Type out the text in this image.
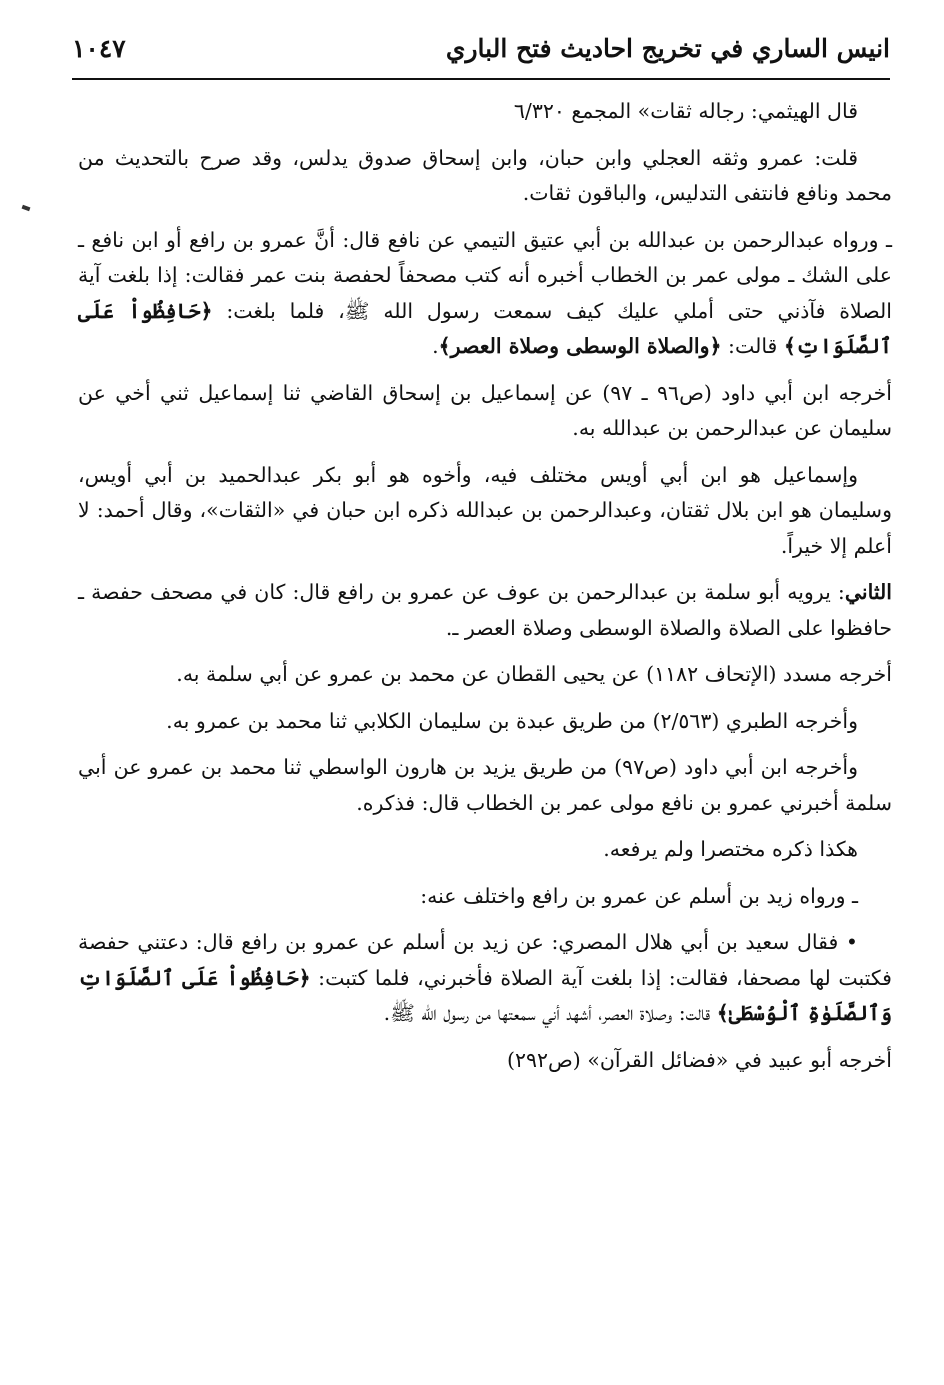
انيس الساري في تخريج احاديث فتح الباري
١٠٤٧

قال الهيثمي: رجاله ثقات» المجمع ٦/٣٢٠

قلت: عمرو وثقه العجلي وابن حبان، وابن إسحاق صدوق يدلس، وقد صرح بالتحديث من محمد ونافع فانتفى التدليس، والباقون ثقات.

ـ ورواه عبدالرحمن بن عبدالله بن أبي عتيق التيمي عن نافع قال: أنَّ عمرو بن رافع أو ابن نافع ـ على الشك ـ مولى عمر بن الخطاب أخبره أنه كتب مصحفاً لحفصة بنت عمر فقالت: إذا بلغت آية الصلاة فآذني حتى أملي عليك كيف سمعت رسول الله ﷺ، فلما بلغت: ﴿حَافِظُواْ عَلَى ٱلصَّلَوَاتِ﴾ قالت: ﴿والصلاة الوسطى وصلاة العصر﴾.

أخرجه ابن أبي داود (ص٩٦ ـ ٩٧) عن إسماعيل بن إسحاق القاضي ثنا إسماعيل ثني أخي عن سليمان عن عبدالرحمن بن عبدالله به.

وإسماعيل هو ابن أبي أويس مختلف فيه، وأخوه هو أبو بكر عبدالحميد بن أبي أويس، وسليمان هو ابن بلال ثقتان، وعبدالرحمن بن عبدالله ذكره ابن حبان في «الثقات»، وقال أحمد: لا أعلم إلا خيراً.

الثاني: يرويه أبو سلمة بن عبدالرحمن بن عوف عن عمرو بن رافع قال: كان في مصحف حفصة ـ حافظوا على الصلاة والصلاة الوسطى وصلاة العصر ـ.

أخرجه مسدد (الإتحاف ١١٨٢) عن يحيى القطان عن محمد بن عمرو عن أبي سلمة به.

وأخرجه الطبري (٢/٥٦٣) من طريق عبدة بن سليمان الكلابي ثنا محمد بن عمرو به.

وأخرجه ابن أبي داود (ص٩٧) من طريق يزيد بن هارون الواسطي ثنا محمد بن عمرو عن أبي سلمة أخبرني عمرو بن نافع مولى عمر بن الخطاب قال: فذكره.

هكذا ذكره مختصرا ولم يرفعه.

ـ ورواه زيد بن أسلم عن عمرو بن رافع واختلف عنه:

• فقال سعيد بن أبي هلال المصري: عن زيد بن أسلم عن عمرو بن رافع قال: دعتني حفصة فكتبت لها مصحفا، فقالت: إذا بلغت آية الصلاة فأخبرني، فلما كتبت: ﴿حَافِظُواْ عَلَى ٱلصَّلَوَاتِ وَٱلصَّلَوٰةِ ٱلْوُسْطَىٰ﴾ قالت: وصلاة العصر، أشهد أني سمعتها من رسول الله ﷺ.

أخرجه أبو عبيد في «فضائل القرآن» (ص٢٩٢)
